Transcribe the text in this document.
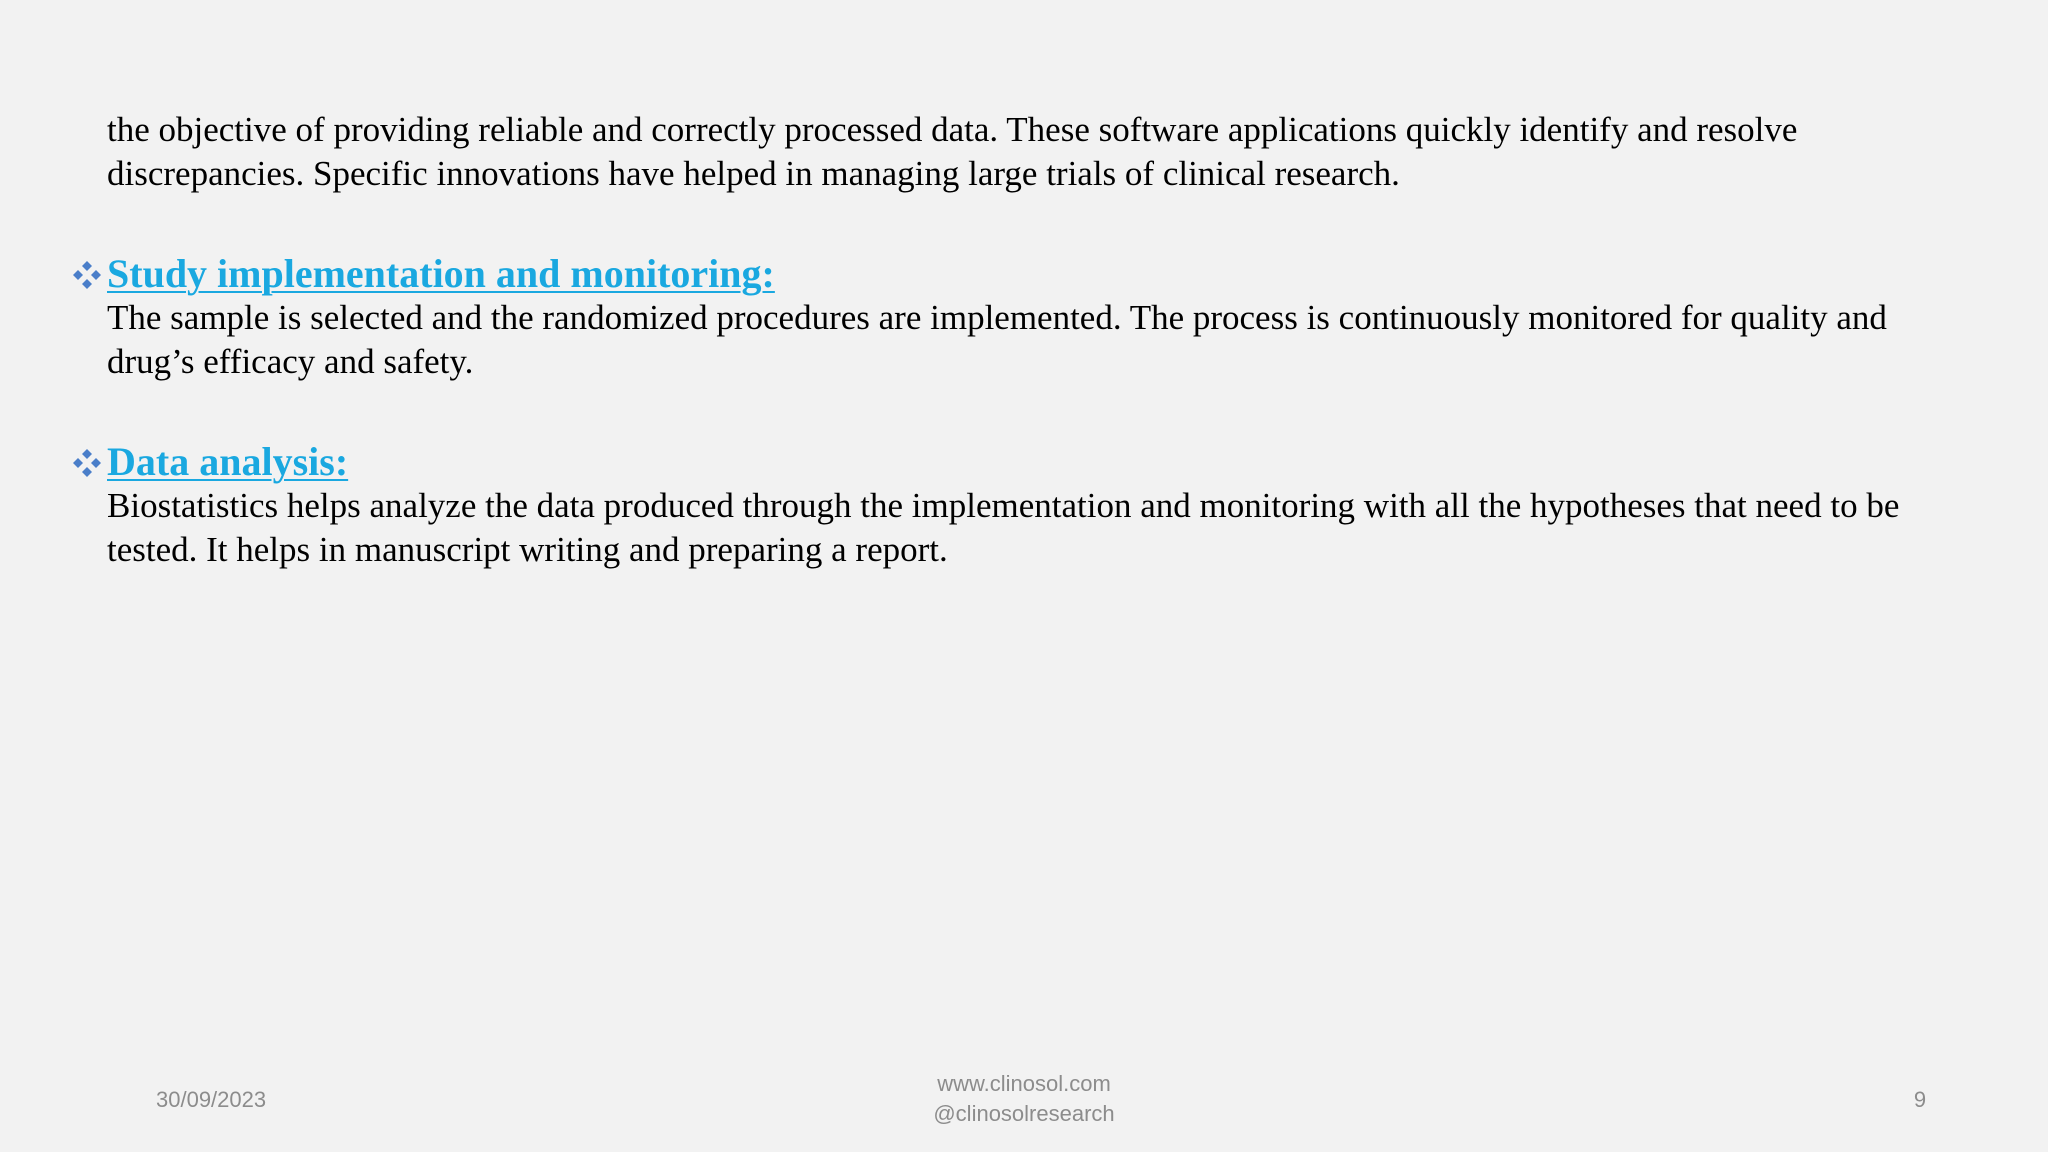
the objective of providing reliable and correctly processed data. These software applications quickly identify and resolve discrepancies. Specific innovations have helped in managing large trials of clinical research.
Study implementation and monitoring:
The sample is selected and the randomized procedures are implemented. The process is continuously monitored for quality and drug’s efficacy and safety.
Data analysis:
Biostatistics helps analyze the data produced through the implementation and monitoring with all the hypotheses that need to be tested. It helps in manuscript writing and preparing a report.
30/09/2023
www.clinosol.com
@clinosolresearch
9
